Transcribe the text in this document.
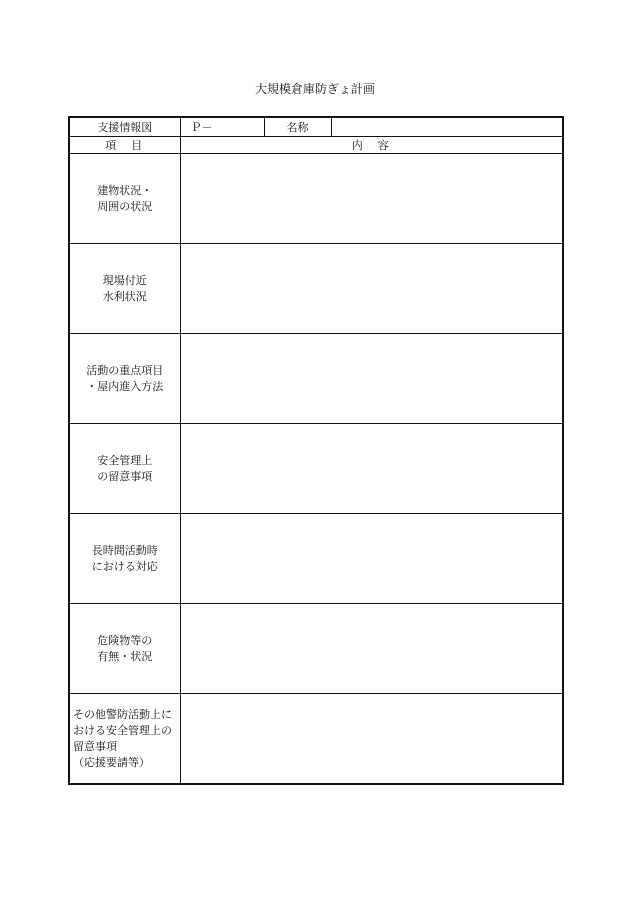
大規模倉庫防ぎょ計画
支援情報図	Ｐ－	名称	
項　目	内　容		

建物状況・
周囲の状況			

現場付近
水利状況			

活動の重点項目
・屋内進入方法			

安全管理上
の留意事項			

長時間活動時
における対応			

危険物等の
有無・状況			

その他警防活動上に
おける安全管理上の
留意事項
（応援要請等）			
